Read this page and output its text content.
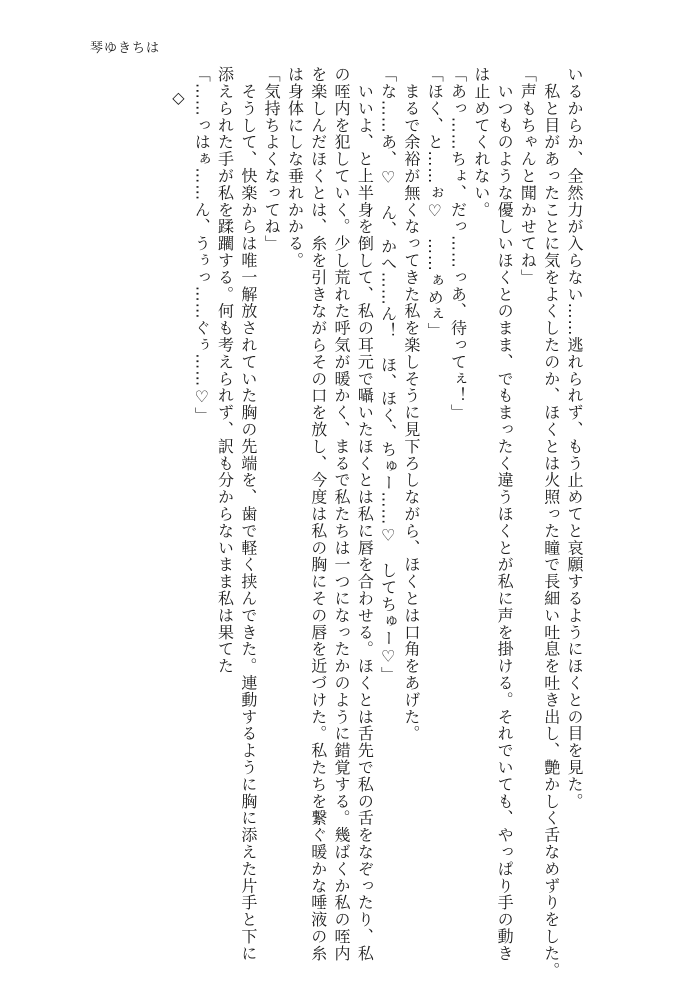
琴ゆきちは

いるからか、全然力が入らない……逃れられず、もう止めてと哀願するようにほくとの目を見た。

　私と目があったことに気をよくしたのか、ほくとは火照った瞳で長細い吐息を吐き出し、艶かしく舌なめずりをした。

「声もちゃんと聞かせてね」

　いつものような優しいほくとのまま、でもまったく違うほくとが私に声を掛ける。それでいても、やっぱり手の動き

は止めてくれない。

「あっ……ちょ、だっ……っあ、待ってぇ！」

「ほく、と……ぉ♡　……ぁめぇ」

　まるで余裕が無くなってきた私を楽しそうに見下ろしながら、ほくとは口角をあげた。

「な……あ、♡　ん、かへ……ん！　ほ、ほく、ちゅー……♡　してちゅー♡」

　いいよ、と上半身を倒して、私の耳元で囁いたほくとは私に唇を合わせる。ほくとは舌先で私の舌をなぞったり、私

の咥内を犯していく。少し荒れた呼気が暖かく、まるで私たちは一つになったかのように錯覚する。幾ばくか私の咥内

を楽しんだほくとは、糸を引きながらその口を放し、今度は私の胸にその唇を近づけた。私たちを繋ぐ暖かな唾液の糸

は身体にしな垂れかかる。

「気持ちよくなってね」

　そうして、快楽からは唯一解放されていた胸の先端を、歯で軽く挟んできた。連動するように胸に添えた片手と下に

添えられた手が私を蹂躙する。何も考えられず、訳も分からないまま私は果てた

「……っはぁ……ん、うぅっ……ぐぅ……♡」

◇
